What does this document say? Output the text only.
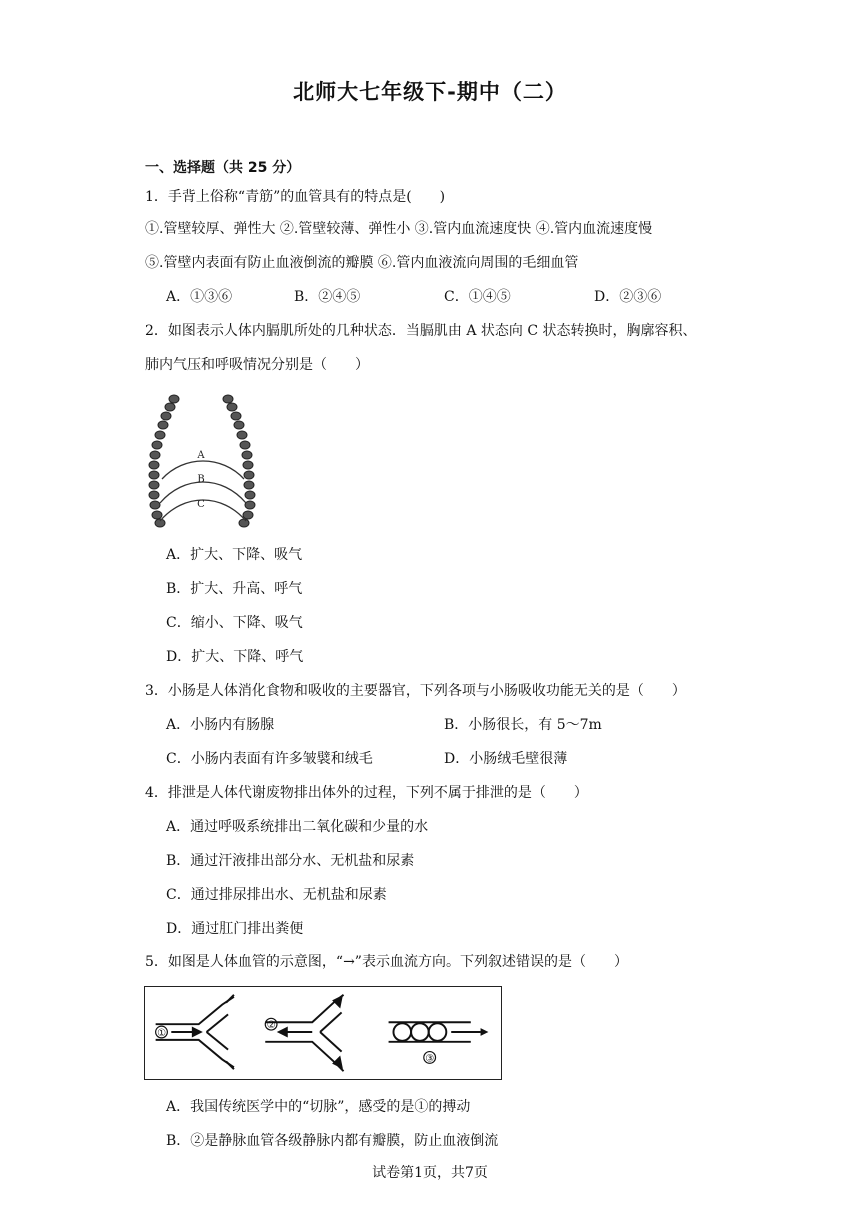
北师大七年级下-期中（二）
一、选择题（共 25 分）
1．手背上俗称“青筋”的血管具有的特点是(　　)
①.管壁较厚、弹性大 ②.管壁较薄、弹性小 ③.管内血流速度快 ④.管内血流速度慢
⑤.管壁内表面有防止血液倒流的瓣膜 ⑥.管内血液流向周围的毛细血管
A．①③⑥	B．②④⑤	C．①④⑤	D．②③⑥
2．如图表示人体内膈肌所处的几种状态．当膈肌由 A 状态向 C 状态转换时，胸廓容积、
肺内气压和呼吸情况分别是（　　）
A
B
C
A．扩大、下降、吸气
B．扩大、升高、呼气
C．缩小、下降、吸气
D．扩大、下降、呼气
3．小肠是人体消化食物和吸收的主要器官，下列各项与小肠吸收功能无关的是（　　）
A．小肠内有肠腺	B．小肠很长，有 5～7m
C．小肠内表面有许多皱襞和绒毛	D．小肠绒毛壁很薄
4．排泄是人体代谢废物排出体外的过程，下列不属于排泄的是（　　）
A．通过呼吸系统排出二氧化碳和少量的水
B．通过汗液排出部分水、无机盐和尿素
C．通过排尿排出水、无机盐和尿素
D．通过肛门排出粪便
5．如图是人体血管的示意图，“→”表示血流方向。下列叙述错误的是（　　）
①
②
③
A．我国传统医学中的“切脉”，感受的是①的搏动
B．②是静脉血管各级静脉内都有瓣膜，防止血液倒流
试卷第1页，共7页
